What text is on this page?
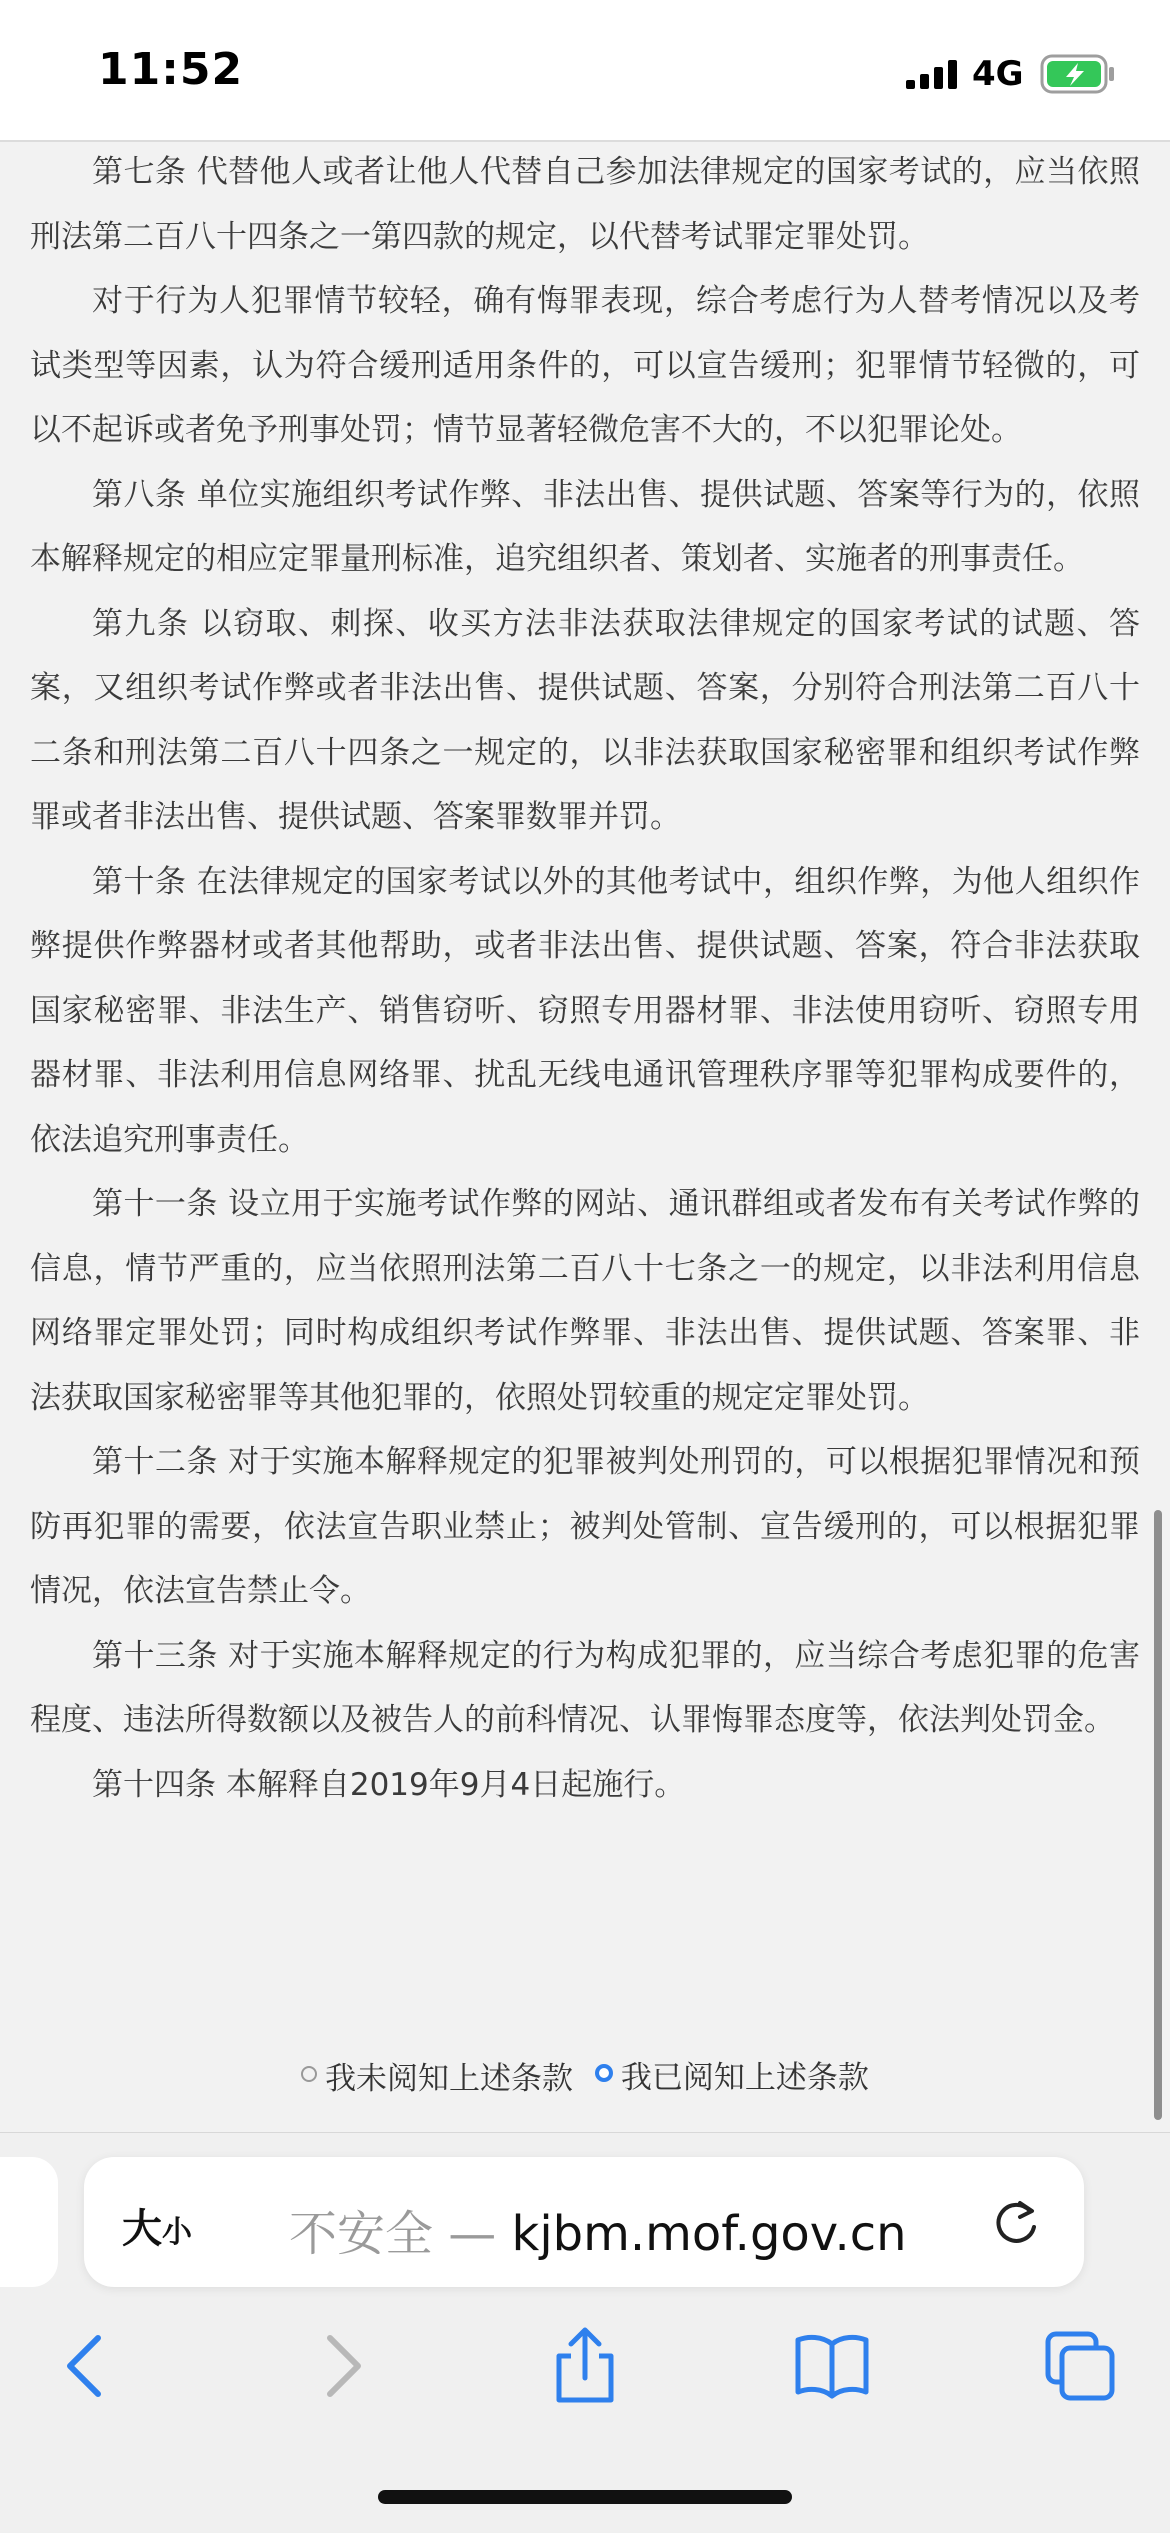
11:52	4G

第七条 代替他人或者让他人代替自己参加法律规定的国家考试的，应当依照刑法第二百八十四条之一第四款的规定，以代替考试罪定罪处罚。

对于行为人犯罪情节较轻，确有悔罪表现，综合考虑行为人替考情况以及考试类型等因素，认为符合缓刑适用条件的，可以宣告缓刑；犯罪情节轻微的，可以不起诉或者免予刑事处罚；情节显著轻微危害不大的，不以犯罪论处。

第八条 单位实施组织考试作弊、非法出售、提供试题、答案等行为的，依照本解释规定的相应定罪量刑标准，追究组织者、策划者、实施者的刑事责任。

第九条 以窃取、刺探、收买方法非法获取法律规定的国家考试的试题、答案，又组织考试作弊或者非法出售、提供试题、答案，分别符合刑法第二百八十二条和刑法第二百八十四条之一规定的，以非法获取国家秘密罪和组织考试作弊罪或者非法出售、提供试题、答案罪数罪并罚。

第十条 在法律规定的国家考试以外的其他考试中，组织作弊，为他人组织作弊提供作弊器材或者其他帮助，或者非法出售、提供试题、答案，符合非法获取国家秘密罪、非法生产、销售窃听、窃照专用器材罪、非法使用窃听、窃照专用器材罪、非法利用信息网络罪、扰乱无线电通讯管理秩序罪等犯罪构成要件的，依法追究刑事责任。

第十一条 设立用于实施考试作弊的网站、通讯群组或者发布有关考试作弊的信息，情节严重的，应当依照刑法第二百八十七条之一的规定，以非法利用信息网络罪定罪处罚；同时构成组织考试作弊罪、非法出售、提供试题、答案罪、非法获取国家秘密罪等其他犯罪的，依照处罚较重的规定定罪处罚。

第十二条 对于实施本解释规定的犯罪被判处刑罚的，可以根据犯罪情况和预防再犯罪的需要，依法宣告职业禁止；被判处管制、宣告缓刑的，可以根据犯罪情况，依法宣告禁止令。

第十三条 对于实施本解释规定的行为构成犯罪的，应当综合考虑犯罪的危害程度、违法所得数额以及被告人的前科情况、认罪悔罪态度等，依法判处罚金。

第十四条 本解释自2019年9月4日起施行。

我未阅知上述条款
我已阅知上述条款
大小 不安全 — kjbm.mof.gov.cn
